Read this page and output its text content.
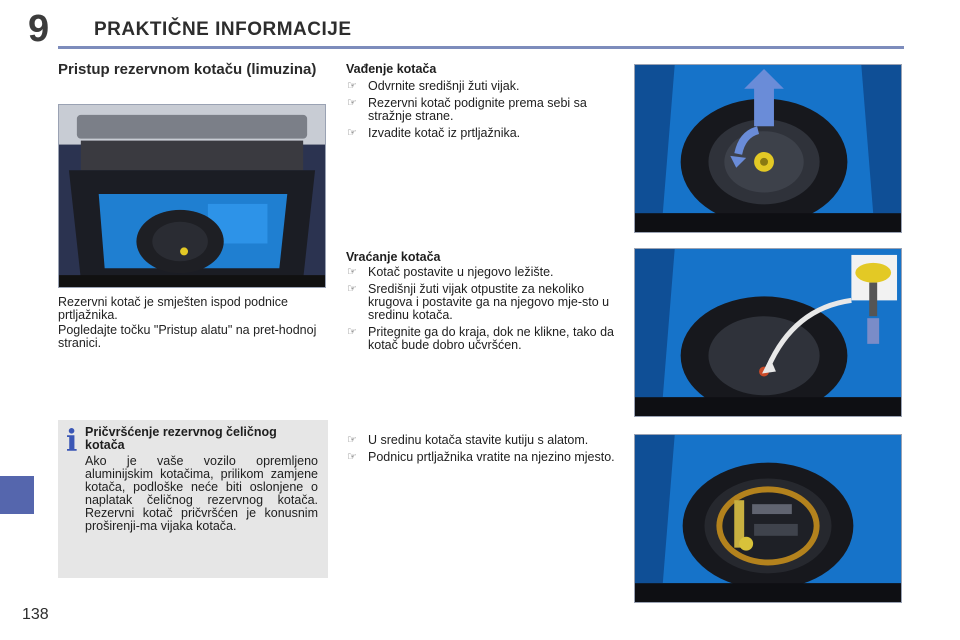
9 PRAKTIČNE INFORMACIJE
138
Pristup rezervnom kotaču (limuzina)
Rezervni kotač je smješten ispod podnice prtljažnika.
Pogledajte točku "Pristup alatu" na pret-hodnoj stranici.
i Pričvršćenje rezervnog čeličnog kotača
Ako je vaše vozilo opremljeno aluminijskim kotačima, prilikom zamjene kotača, podloške neće biti oslonjene o naplatak čeličnog rezervnog kotača. Rezervni kotač pričvršćen je konusnim proširenji-ma vijaka kotača.
Vađenje kotača
☞ Odvrnite središnji žuti vijak.
☞ Rezervni kotač podignite prema sebi sa stražnje strane.
☞ Izvadite kotač iz prtljažnika.
Vraćanje kotača
☞ Kotač postavite u njegovo ležište.
☞ Središnji žuti vijak otpustite za nekoliko krugova i postavite ga na njegovo mje-sto u sredinu kotača.
☞ Pritegnite ga do kraja, dok ne klikne, tako da kotač bude dobro učvršćen.
☞ U sredinu kotača stavite kutiju s alatom.
☞ Podnicu prtljažnika vratite na njezino mjesto.
